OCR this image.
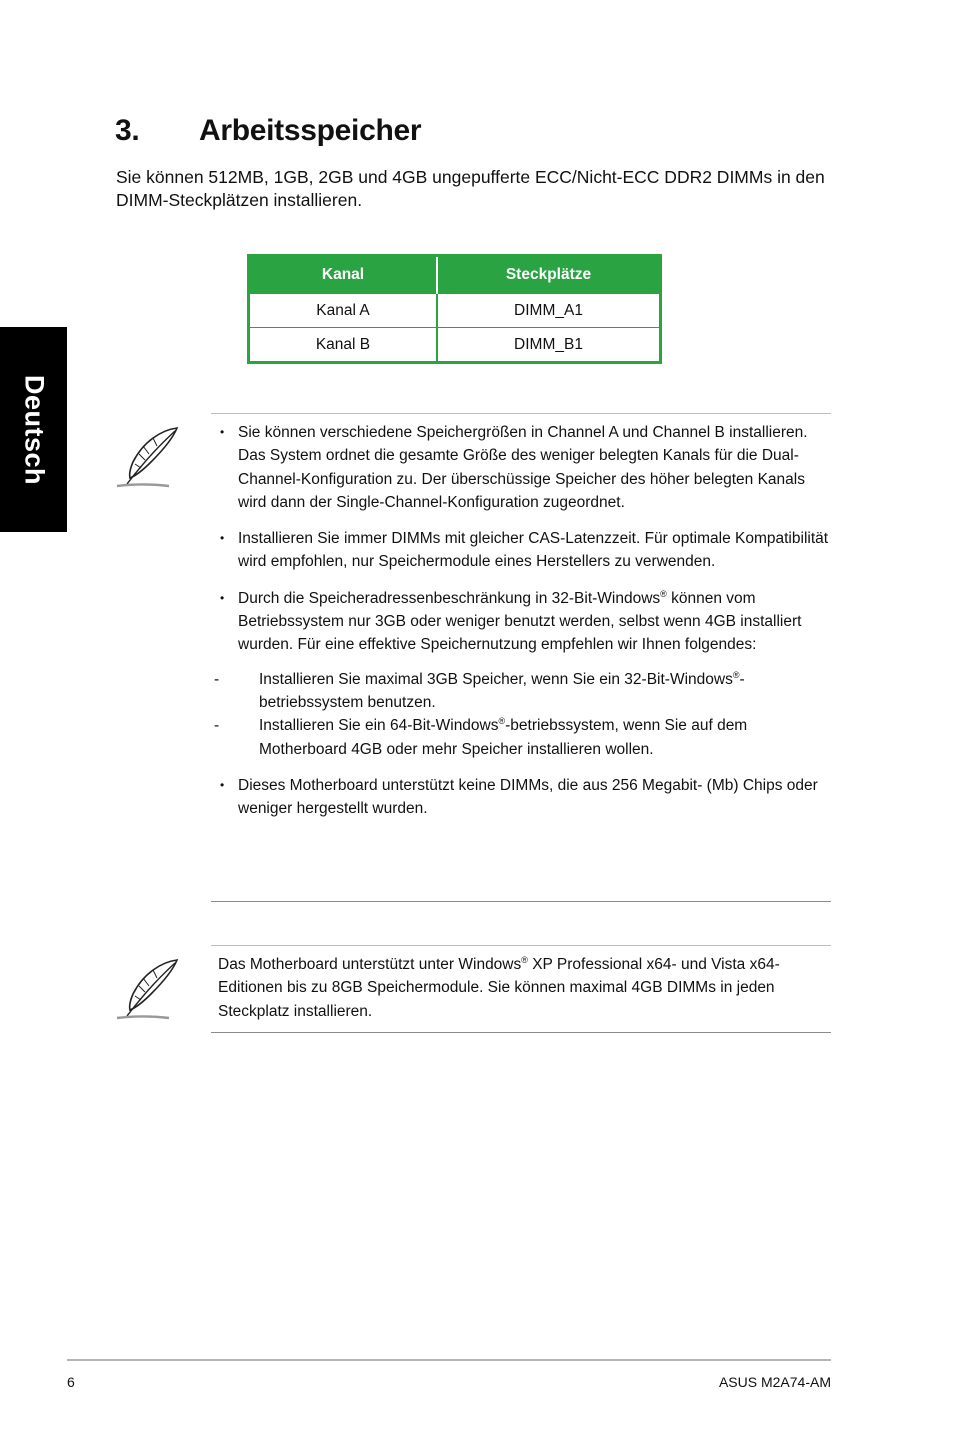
Deutsch
3. Arbeitsspeicher

Sie können 512MB, 1GB, 2GB und 4GB ungepufferte ECC/Nicht-ECC DDR2 DIMMs in den DIMM-Steckplätzen installieren.

Kanal	Steckplätze
Kanal A	DIMM_A1
Kanal B	DIMM_B1
• Sie können verschiedene Speichergrößen in Channel A und Channel B installieren. Das System ordnet die gesamte Größe des weniger belegten Kanals für die Dual-Channel-Konfiguration zu. Der überschüssige Speicher des höher belegten Kanals wird dann der Single-Channel-Konfiguration zugeordnet.
• Installieren Sie immer DIMMs mit gleicher CAS-Latenzzeit. Für optimale Kompatibilität wird empfohlen, nur Speichermodule eines Herstellers zu verwenden.
• Durch die Speicheradressenbeschränkung in 32-Bit-Windows® können vom Betriebssystem nur 3GB oder weniger benutzt werden, selbst wenn 4GB installiert wurden. Für eine effektive Speichernutzung empfehlen wir Ihnen folgendes:
-	Installieren Sie maximal 3GB Speicher, wenn Sie ein 32-Bit-Windows®-betriebssystem benutzen.
-	Installieren Sie ein 64-Bit-Windows®-betriebssystem, wenn Sie auf dem Motherboard 4GB oder mehr Speicher installieren wollen.
• Dieses Motherboard unterstützt keine DIMMs, die aus 256 Megabit- (Mb) Chips oder weniger hergestellt wurden.

Das Motherboard unterstützt unter Windows® XP Professional x64- und Vista x64-Editionen bis zu 8GB Speichermodule. Sie können maximal 4GB DIMMs in jeden Steckplatz installieren.

6	ASUS M2A74-AM
